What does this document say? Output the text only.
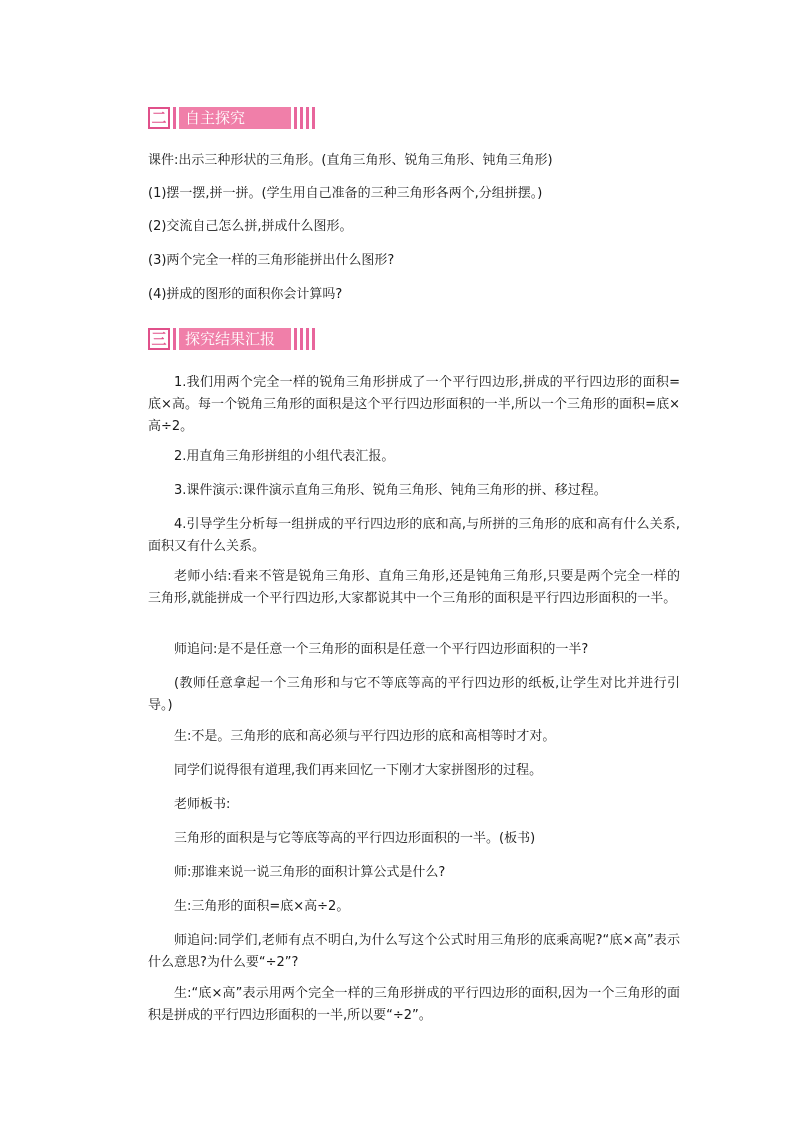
二	自主探究

课件:出示三种形状的三角形。(直角三角形、锐角三角形、钝角三角形)

(1)摆一摆,拼一拼。(学生用自己准备的三种三角形各两个,分组拼摆。)

(2)交流自己怎么拼,拼成什么图形。

(3)两个完全一样的三角形能拼出什么图形?

(4)拼成的图形的面积你会计算吗?

三	探究结果汇报

1.我们用两个完全一样的锐角三角形拼成了一个平行四边形,拼成的平行四边形的面积=底×高。每一个锐角三角形的面积是这个平行四边形面积的一半,所以一个三角形的面积=底×高÷2。

2.用直角三角形拼组的小组代表汇报。

3.课件演示:课件演示直角三角形、锐角三角形、钝角三角形的拼、移过程。

4.引导学生分析每一组拼成的平行四边形的底和高,与所拼的三角形的底和高有什么关系,面积又有什么关系。

老师小结:看来不管是锐角三角形、直角三角形,还是钝角三角形,只要是两个完全一样的三角形,就能拼成一个平行四边形,大家都说其中一个三角形的面积是平行四边形面积的一半。

师追问:是不是任意一个三角形的面积是任意一个平行四边形面积的一半?

(教师任意拿起一个三角形和与它不等底等高的平行四边形的纸板,让学生对比并进行引导。)

生:不是。三角形的底和高必须与平行四边形的底和高相等时才对。

同学们说得很有道理,我们再来回忆一下刚才大家拼图形的过程。

老师板书:

三角形的面积是与它等底等高的平行四边形面积的一半。(板书)

师:那谁来说一说三角形的面积计算公式是什么?

生:三角形的面积=底×高÷2。

师追问:同学们,老师有点不明白,为什么写这个公式时用三角形的底乘高呢?“底×高”表示什么意思?为什么要“÷2”?

生:“底×高”表示用两个完全一样的三角形拼成的平行四边形的面积,因为一个三角形的面积是拼成的平行四边形面积的一半,所以要“÷2”。
